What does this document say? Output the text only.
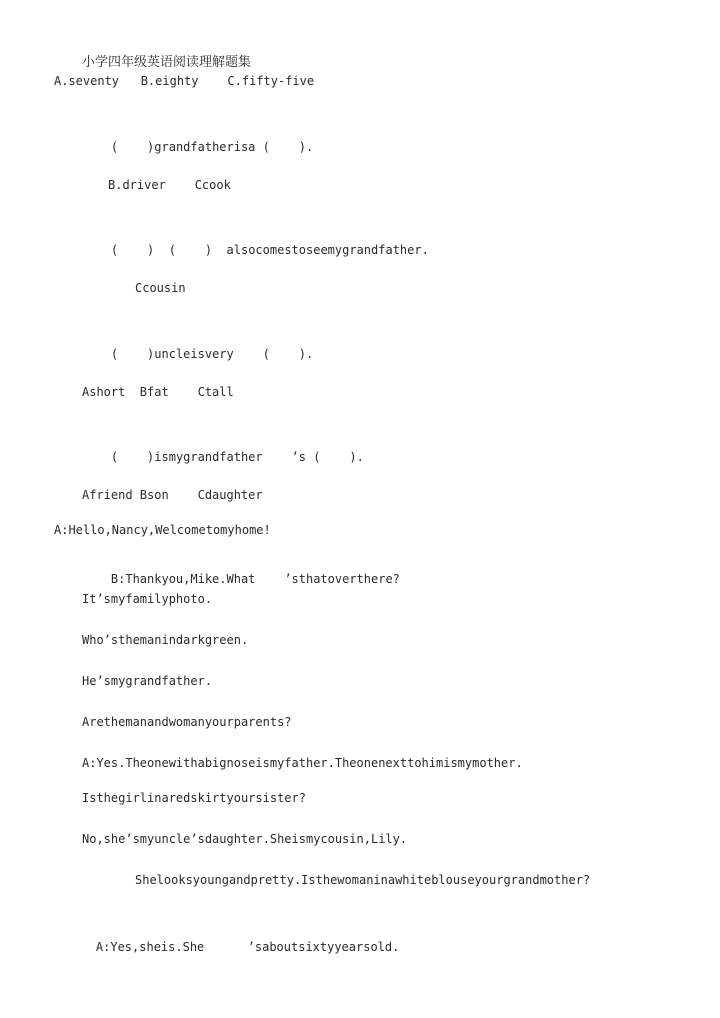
小学四年级英语阅读理解题集
A.seventy   B.eighty    C.fifty-five

(    )grandfatherisa (    ).

B.driver    Ccook

(    ) (    ) alsocomestoseemygrandfather.

Ccousin

(    )uncleisvery (    ).

Ashort  Bfat    Ctall

(    )ismygrandfather ’s (    ).

Afriend Bson    Cdaughter
A:Hello,Nancy,Welcometomyhome!

B:Thankyou,Mike.What ’sthatoverthere?

It’smyfamilyphoto.
Who’sthemanindarkgreen.
He’smygrandfather.
Arethemanandwomanyourparents?
A:Yes.Theonewithabignoseismyfather.Theonenexttohimismymother.
Isthegirlinaredskirtyoursister?
No,she’smyuncle’sdaughter.Sheismycousin,Lily.
Shelooksyoungandpretty.Isthewomaninawhiteblouseyourgrandmother?

A:Yes,sheis.She	’saboutsixtyyearsold.
